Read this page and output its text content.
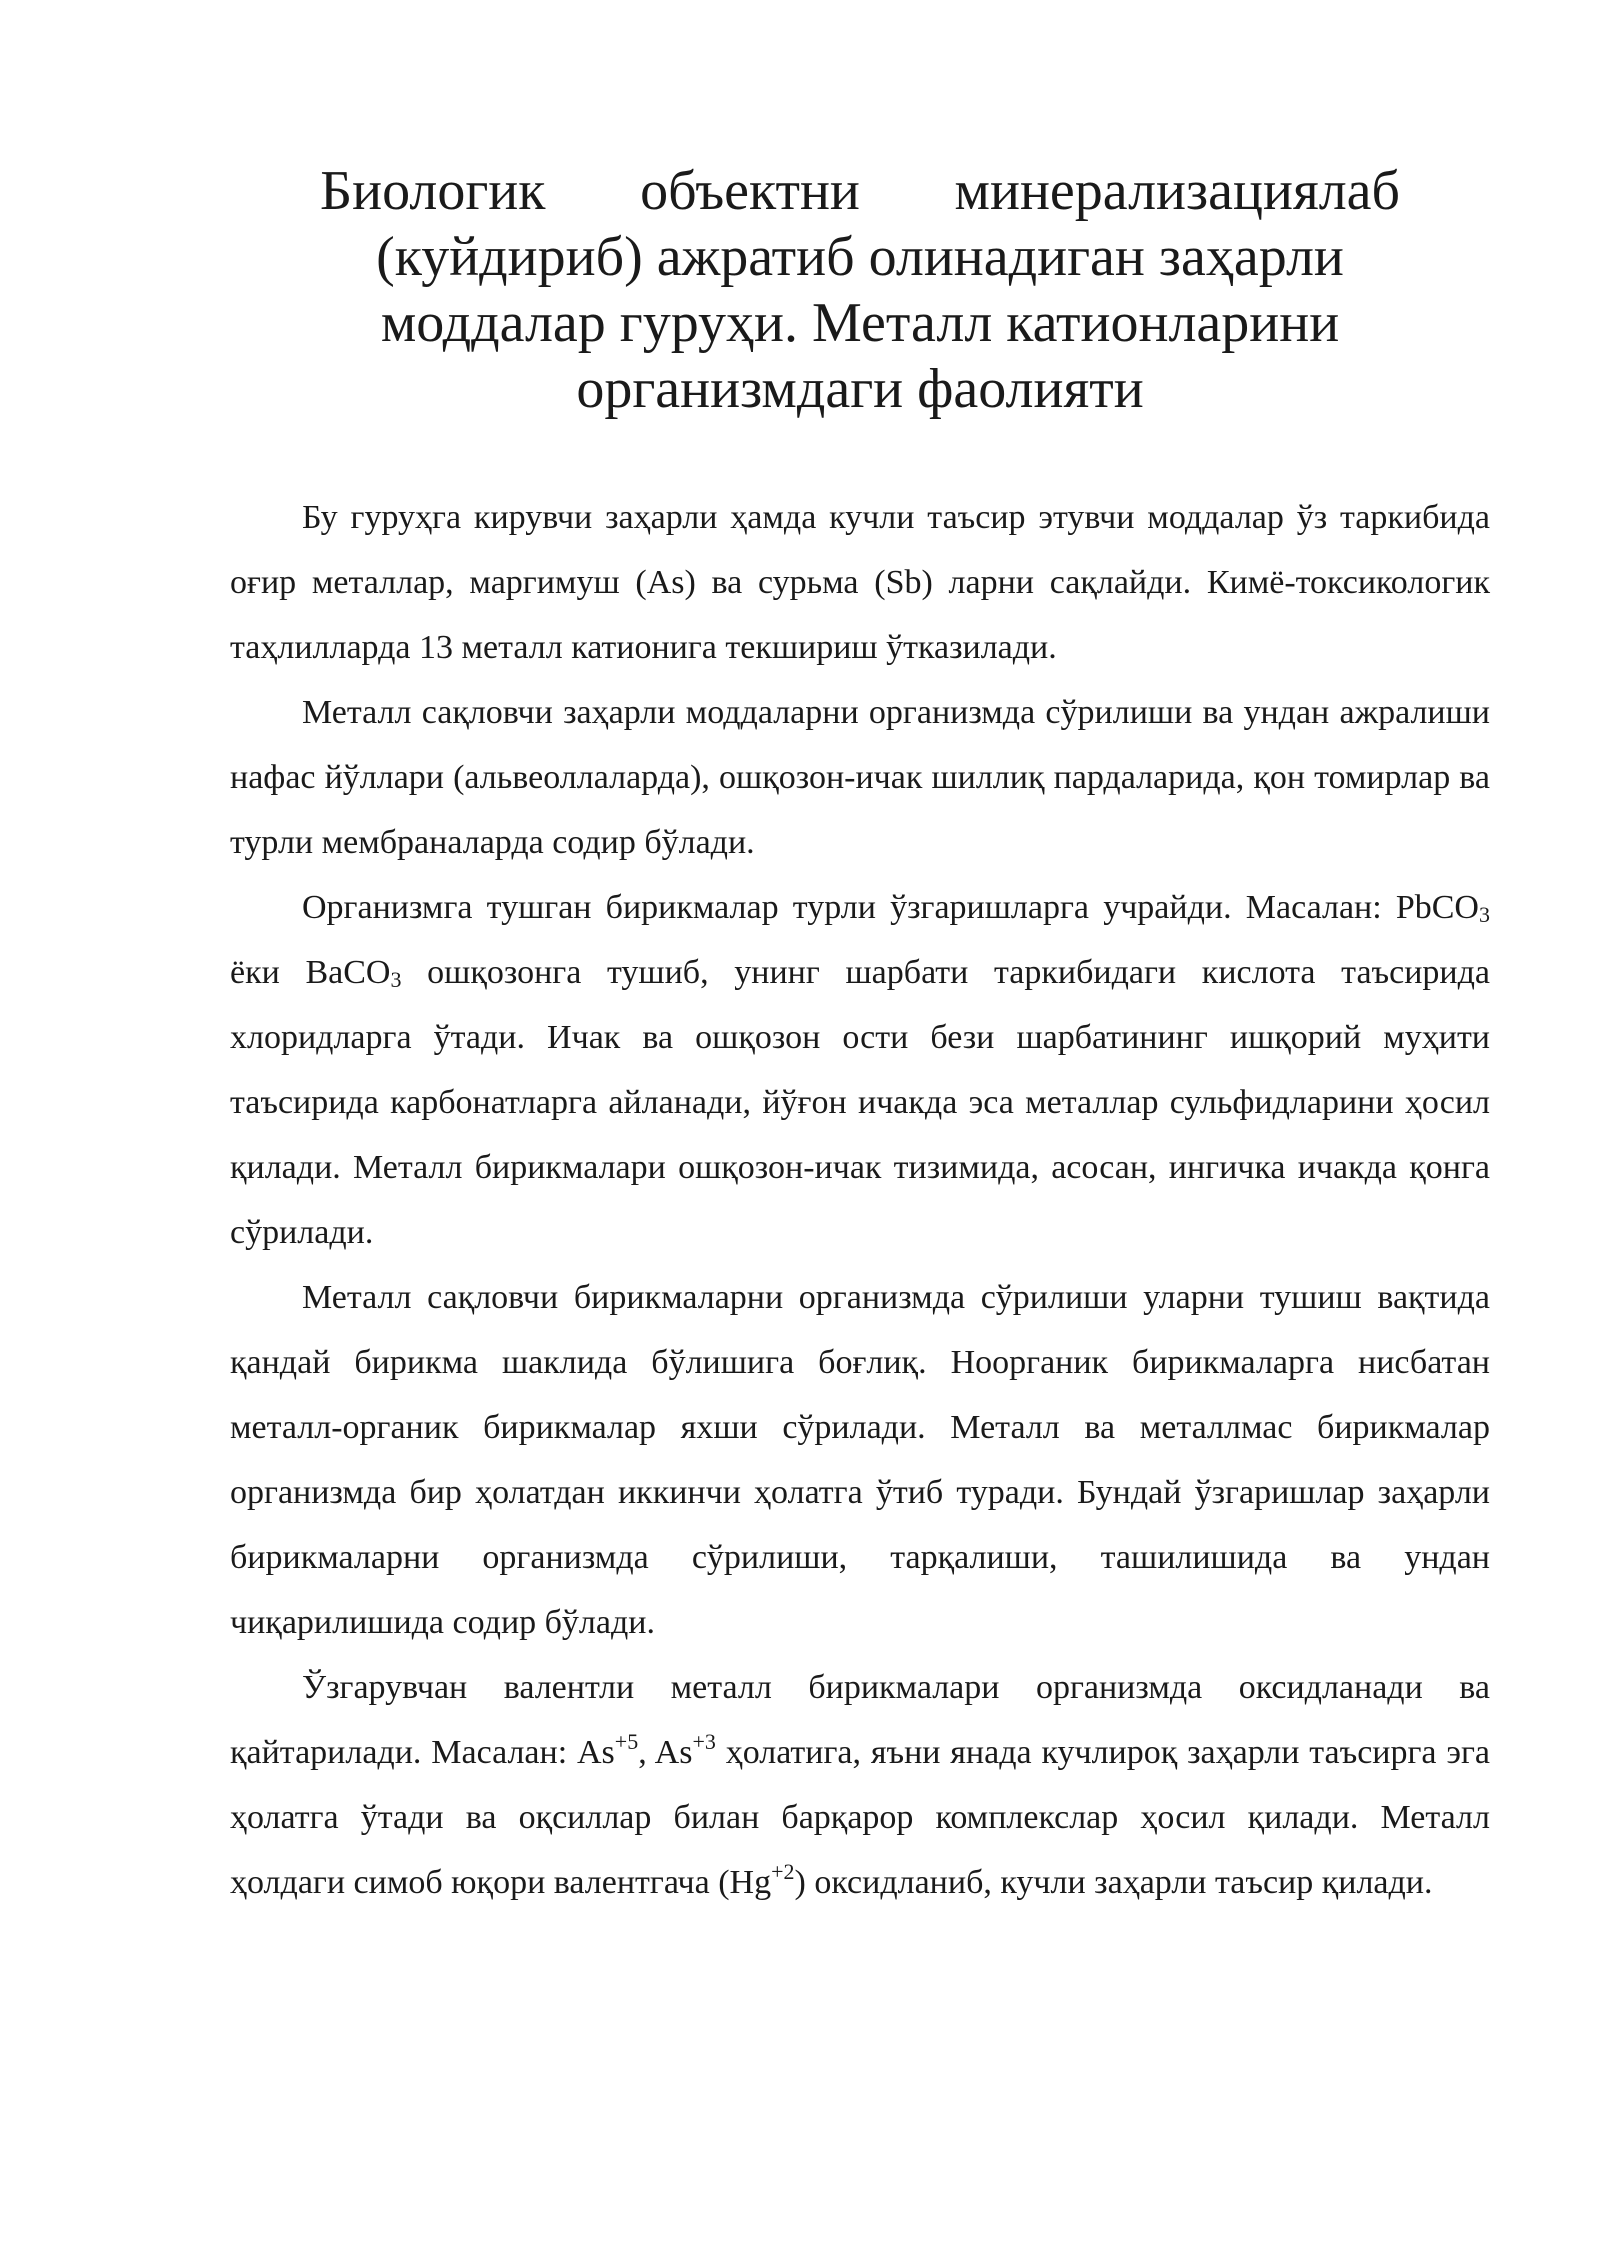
Биологик объектни минерализациялаб
(куйдириб) ажратиб олинадиган заҳарли
моддалар гуруҳи. Металл катионларини
организмдаги фаолияти

Бу гуруҳга кирувчи заҳарли ҳамда кучли таъсир этувчи моддалар ўз таркибида оғир металлар, маргимуш (As) ва сурьма (Sb) ларни сақлайди. Кимё-токсикологик таҳлилларда 13 металл катионига текшириш ўтказилади.

Металл сақловчи заҳарли моддаларни организмда сўрилиши ва ундан ажралиши нафас йўллари (альвеоллаларда), ошқозон-ичак шиллиқ пардаларида, қон томирлар ва турли мембраналарда содир бўлади.

Организмга тушган бирикмалар турли ўзгаришларга учрайди. Масалан: PbCO$_3$ ёки BaCO$_3$ ошқозонга тушиб, унинг шарбати таркибидаги кислота таъсирида хлоридларга ўтади. Ичак ва ошқозон ости бези шарбатининг ишқорий муҳити таъсирида карбонатларга айланади, йўғон ичакда эса металлар сульфидларини ҳосил қилади. Металл бирикмалари ошқозон-ичак тизимида, асосан, ингичка ичакда қонга сўрилади.

Металл сақловчи бирикмаларни организмда сўрилиши уларни тушиш вақтида қандай бирикма шаклида бўлишига боғлиқ. Ноорганик бирикмаларга нисбатан металл-органик бирикмалар яхши сўрилади. Металл ва металлмас бирикмалар организмда бир ҳолатдан иккинчи ҳолатга ўтиб туради. Бундай ўзгаришлар заҳарли бирикмаларни организмда сўрилиши, тарқалиши, ташилишида ва ундан чиқарилишида содир бўлади.

Ўзгарувчан валентли металл бирикмалари организмда оксидланади ва қайтарилади. Масалан: $As^{+5}$, $As^{+3}$ ҳолатига, яъни янада кучлироқ заҳарли таъсирга эга ҳолатга ўтади ва оқсиллар билан барқарор комплекслар ҳосил қилади. Металл ҳолдаги симоб юқори валентгача $(Hg^{+2})$ оксидланиб, кучли заҳарли таъсир қилади.
